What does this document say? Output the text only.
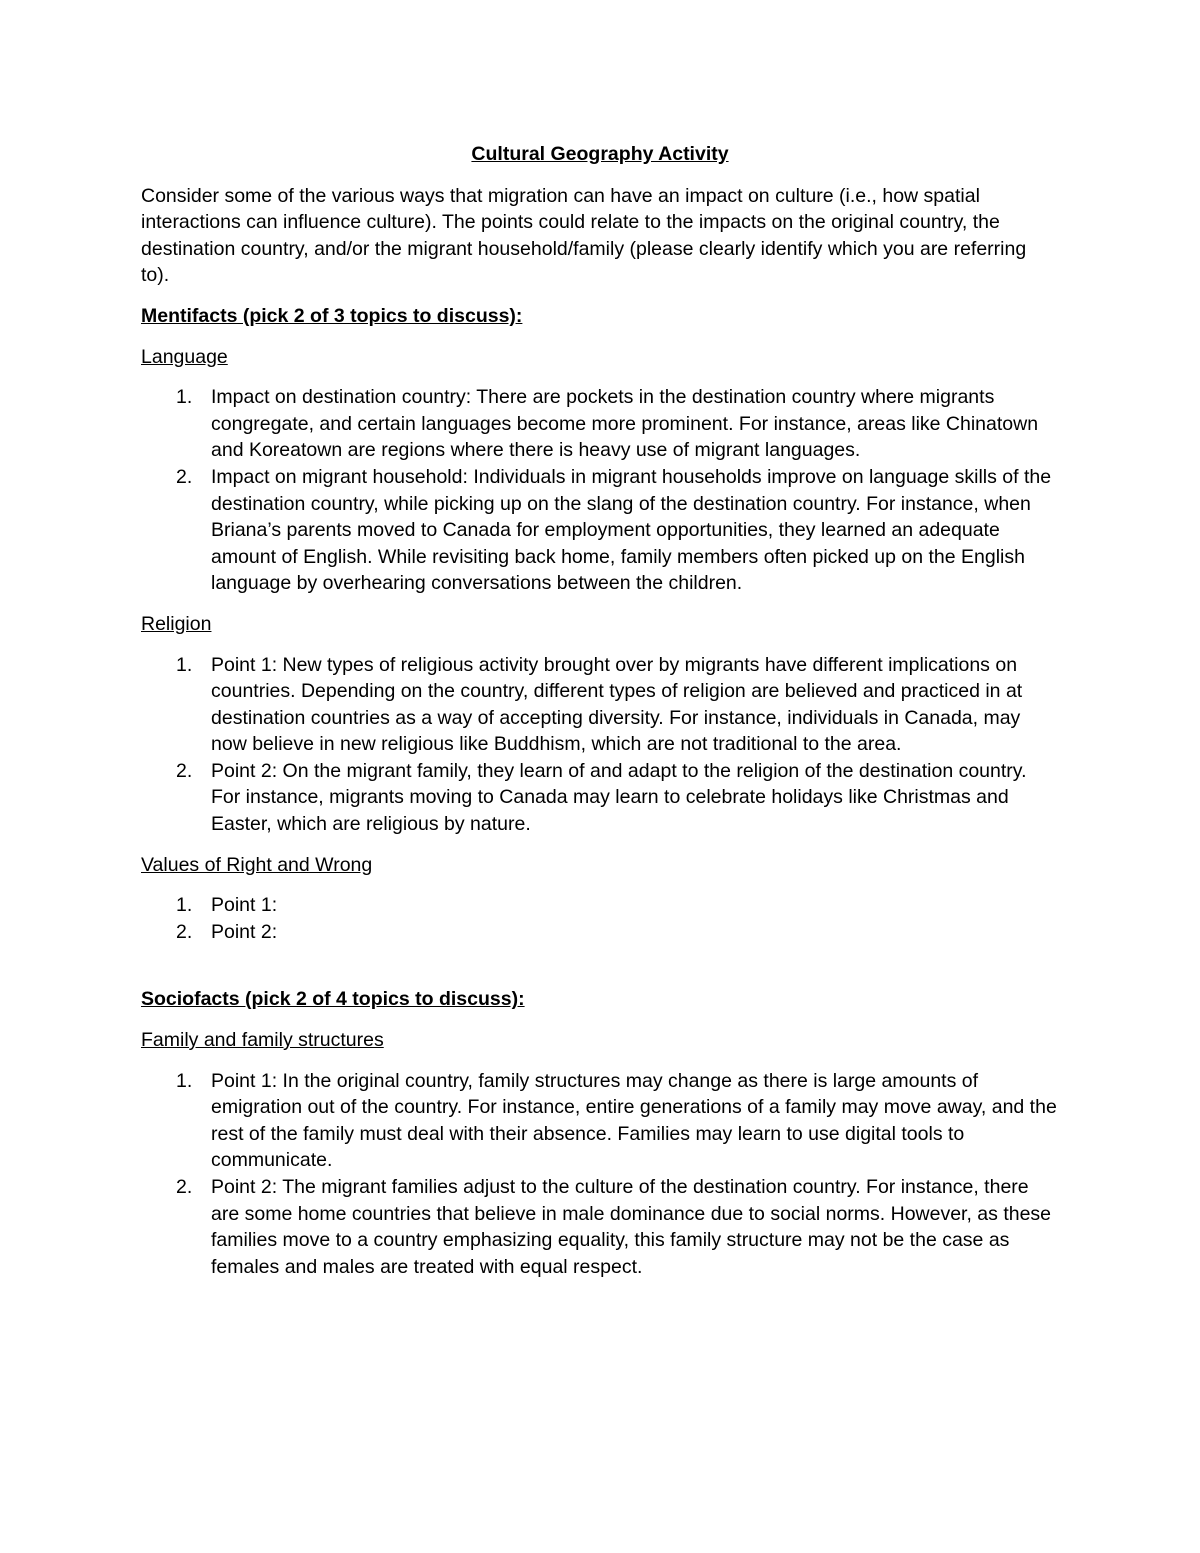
Cultural Geography Activity

Consider some of the various ways that migration can have an impact on culture (i.e., how spatial interactions can influence culture). The points could relate to the impacts on the original country, the destination country, and/or the migrant household/family (please clearly identify which you are referring to).

Mentifacts (pick 2 of 3 topics to discuss):
Language
1. Impact on destination country: There are pockets in the destination country where migrants congregate, and certain languages become more prominent. For instance, areas like Chinatown and Koreatown are regions where there is heavy use of migrant languages.
2. Impact on migrant household: Individuals in migrant households improve on language skills of the destination country, while picking up on the slang of the destination country. For instance, when Briana’s parents moved to Canada for employment opportunities, they learned an adequate amount of English. While revisiting back home, family members often picked up on the English language by overhearing conversations between the children.
Religion
1. Point 1: New types of religious activity brought over by migrants have different implications on countries. Depending on the country, different types of religion are believed and practiced in at destination countries as a way of accepting diversity. For instance, individuals in Canada, may now believe in new religious like Buddhism, which are not traditional to the area.
2. Point 2: On the migrant family, they learn of and adapt to the religion of the destination country. For instance, migrants moving to Canada may learn to celebrate holidays like Christmas and Easter, which are religious by nature.
Values of Right and Wrong
1. Point 1:
2. Point 2:
Sociofacts (pick 2 of 4 topics to discuss):
Family and family structures
1. Point 1: In the original country, family structures may change as there is large amounts of emigration out of the country. For instance, entire generations of a family may move away, and the rest of the family must deal with their absence. Families may learn to use digital tools to communicate.
2. Point 2: The migrant families adjust to the culture of the destination country. For instance, there are some home countries that believe in male dominance due to social norms. However, as these families move to a country emphasizing equality, this family structure may not be the case as females and males are treated with equal respect.
